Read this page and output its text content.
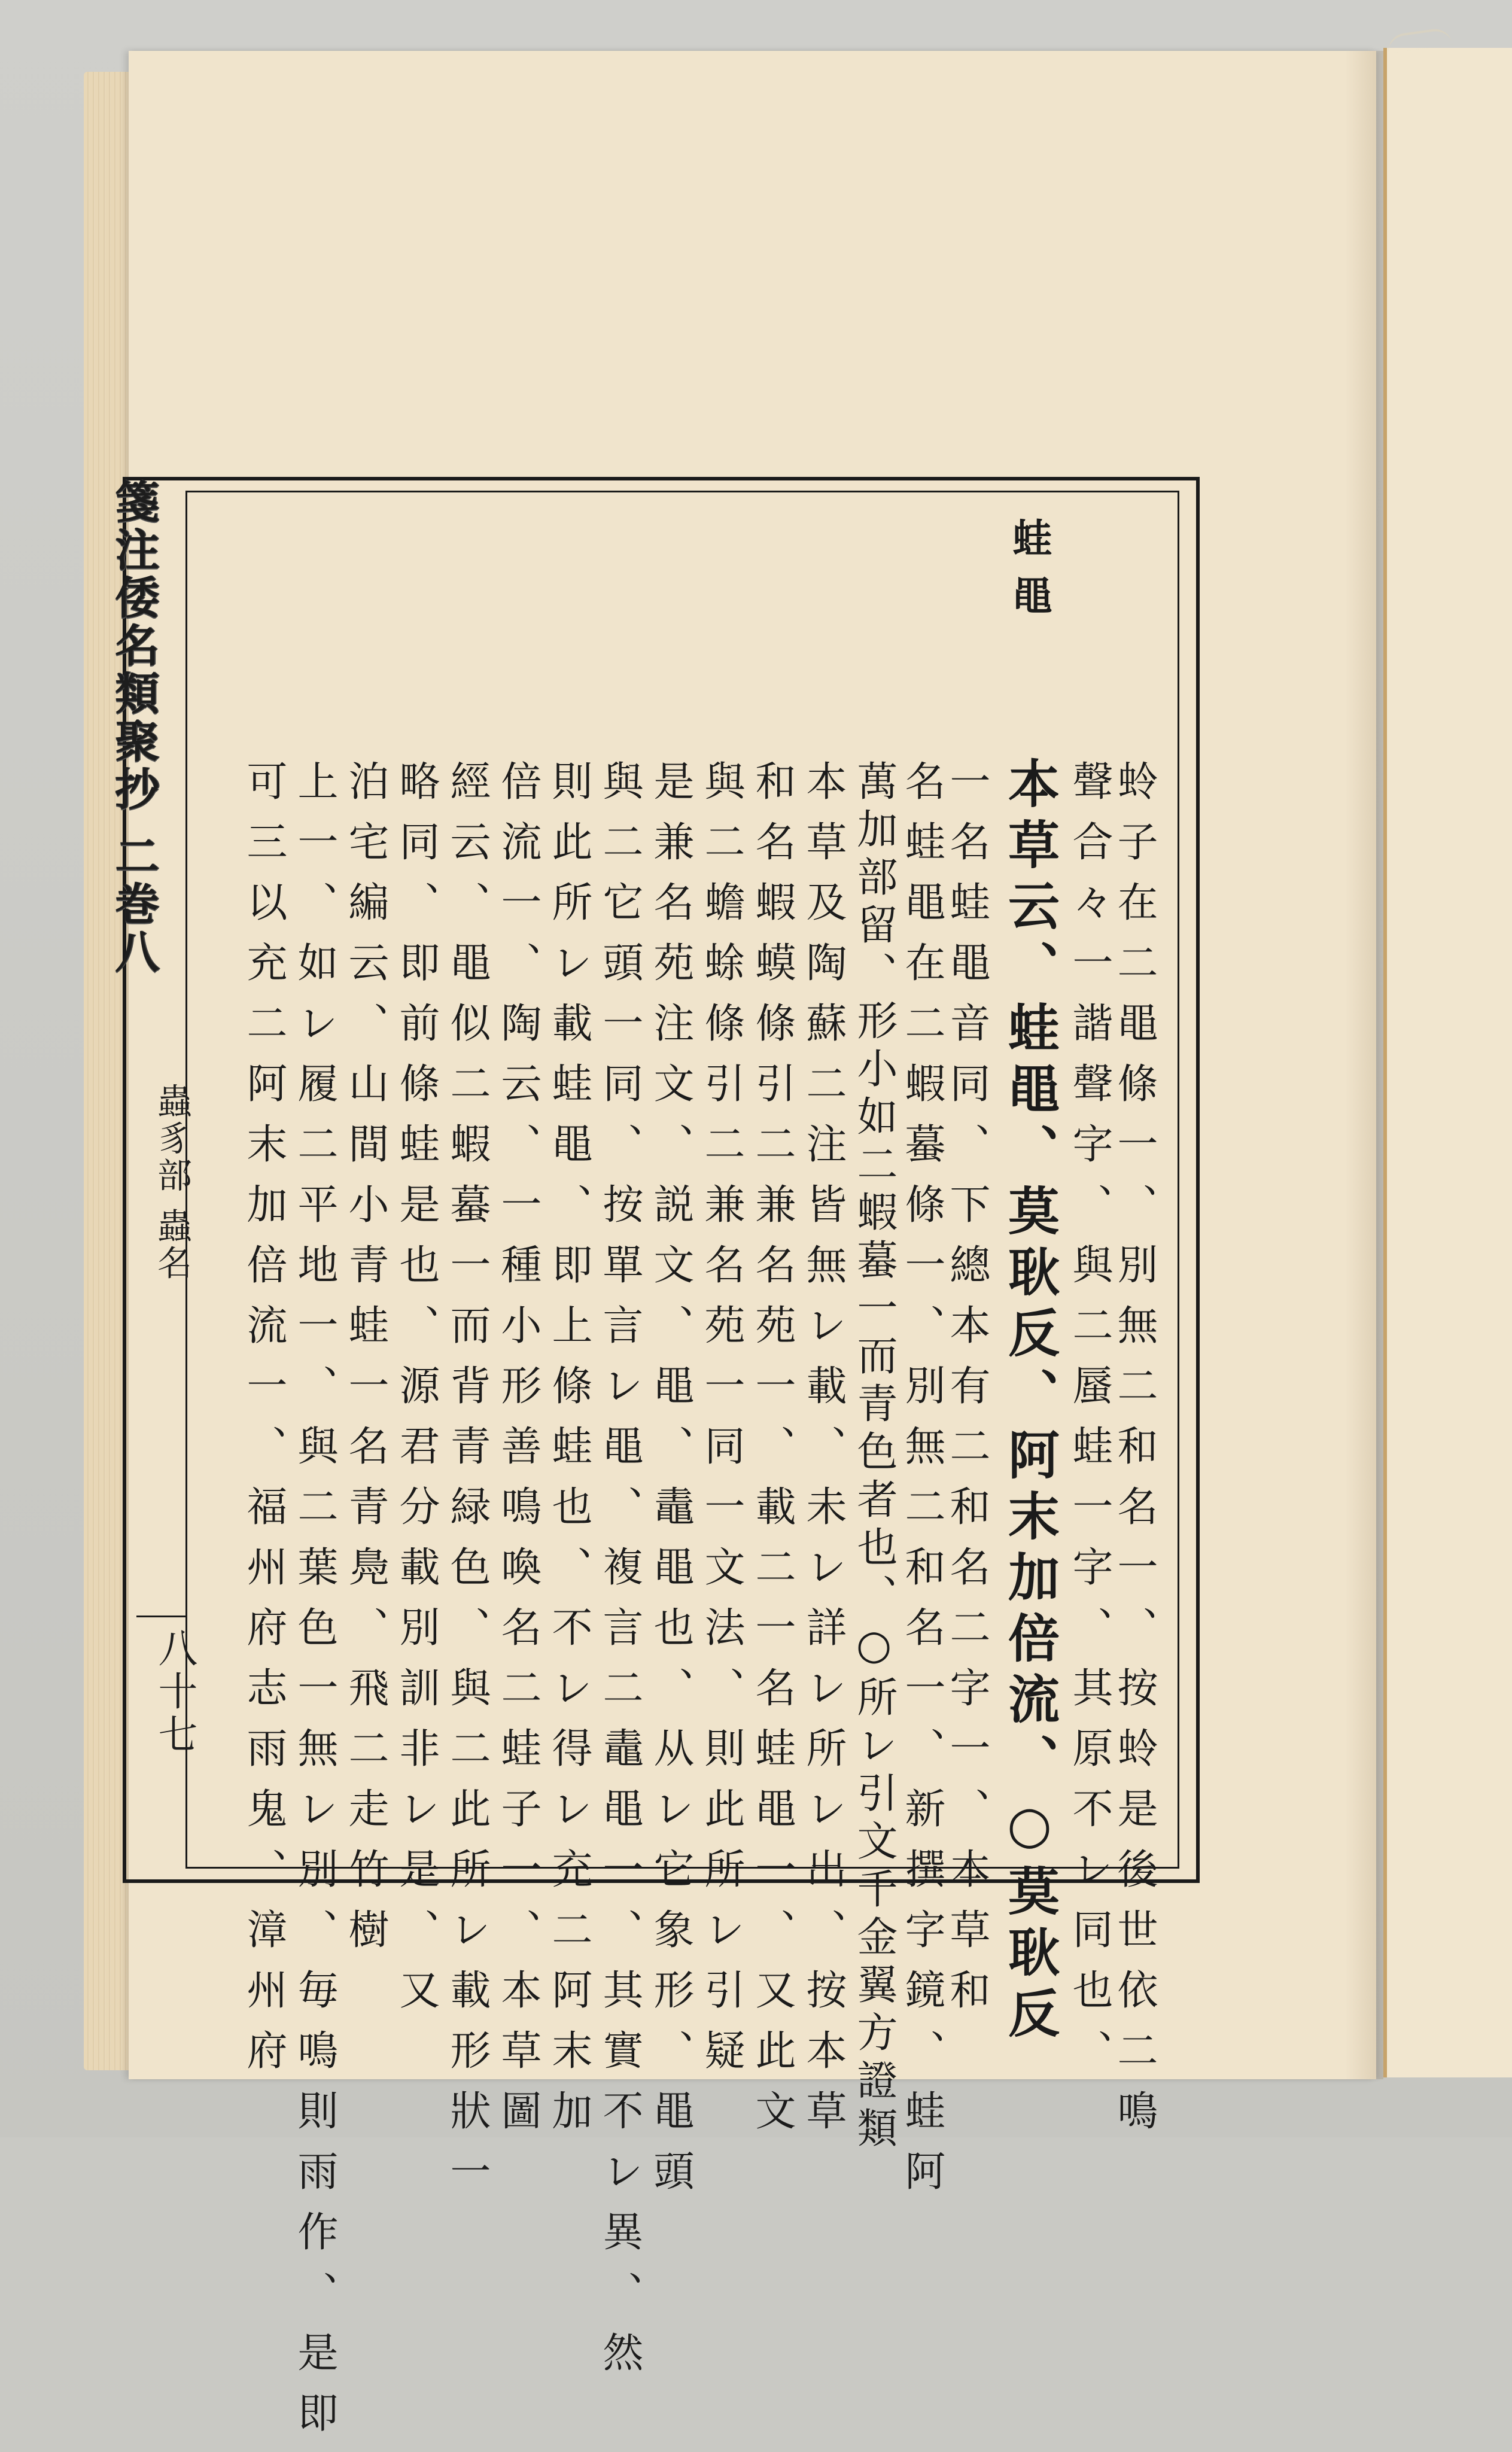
箋注倭名類聚抄 二巻八
蟲豸部 蟲名
八十七
蛙黽
蛉子在二黽條一、別無二和名一、按蛉是後世依二鳴
聲合々一諧聲字、與二蜃蛙一字、其原不レ同也、
本草云、蛙黽、莫耿反、阿末加倍流、○莫耿反
一名蛙黽音同、下總本有二和名二字一、本草和
名蛙黽在二蝦蟇條一、別無二和名一、新撰字鏡、蛙阿
萬加部留、形小如二蝦蟇一而青色者也、○所レ引文千金翼方證類
本草及陶蘇二注皆無レ載、未レ詳レ所レ出、按本草
和名蝦蟆條引二兼名苑一、載二一名蛙黽一、又此文
與二蟾蜍條引二兼名苑一同一文法、則此所レ引疑
是兼名苑注文、説文、黽、鼃黽也、从レ它象形、黽頭
與二它頭一同、按單言レ黽、複言二鼃黽一、其實不レ異、然
則此所レ載蛙黽、即上條蛙也、不レ得レ充二阿末加
倍流一、陶云、一種小形善鳴喚名二蛙子一、本草圖
經云、黽似二蝦蟇一而背青緑色、與二此所レ載形狀一
略同、即前條蛙是也、源君分載別訓非レ是、又
泊宅編云、山間小青蛙一名青鳧、飛二走竹樹
上一、如レ履二平地一、與二葉色一無レ別、毎鳴則雨作、是即
可三以充二阿末加倍流一、福州府志雨鬼、漳州府
